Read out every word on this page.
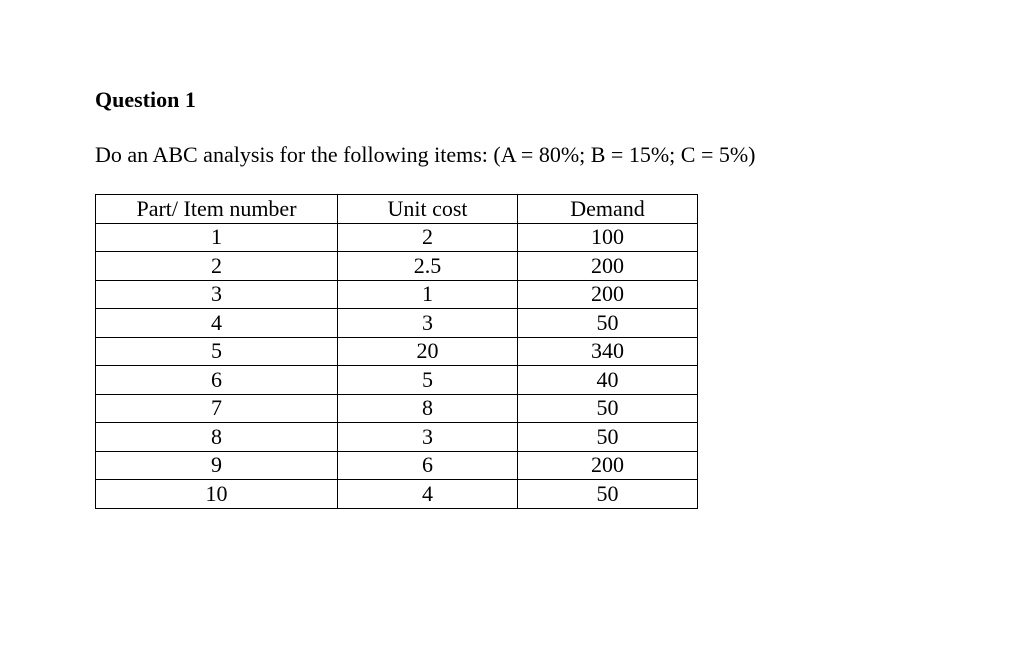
Question 1

Do an ABC analysis for the following items: (A = 80%; B = 15%; C = 5%)

Part/ Item number	Unit cost	Demand
1	2	100
2	2.5	200
3	1	200
4	3	50
5	20	340
6	5	40
7	8	50
8	3	50
9	6	200
10	4	50
